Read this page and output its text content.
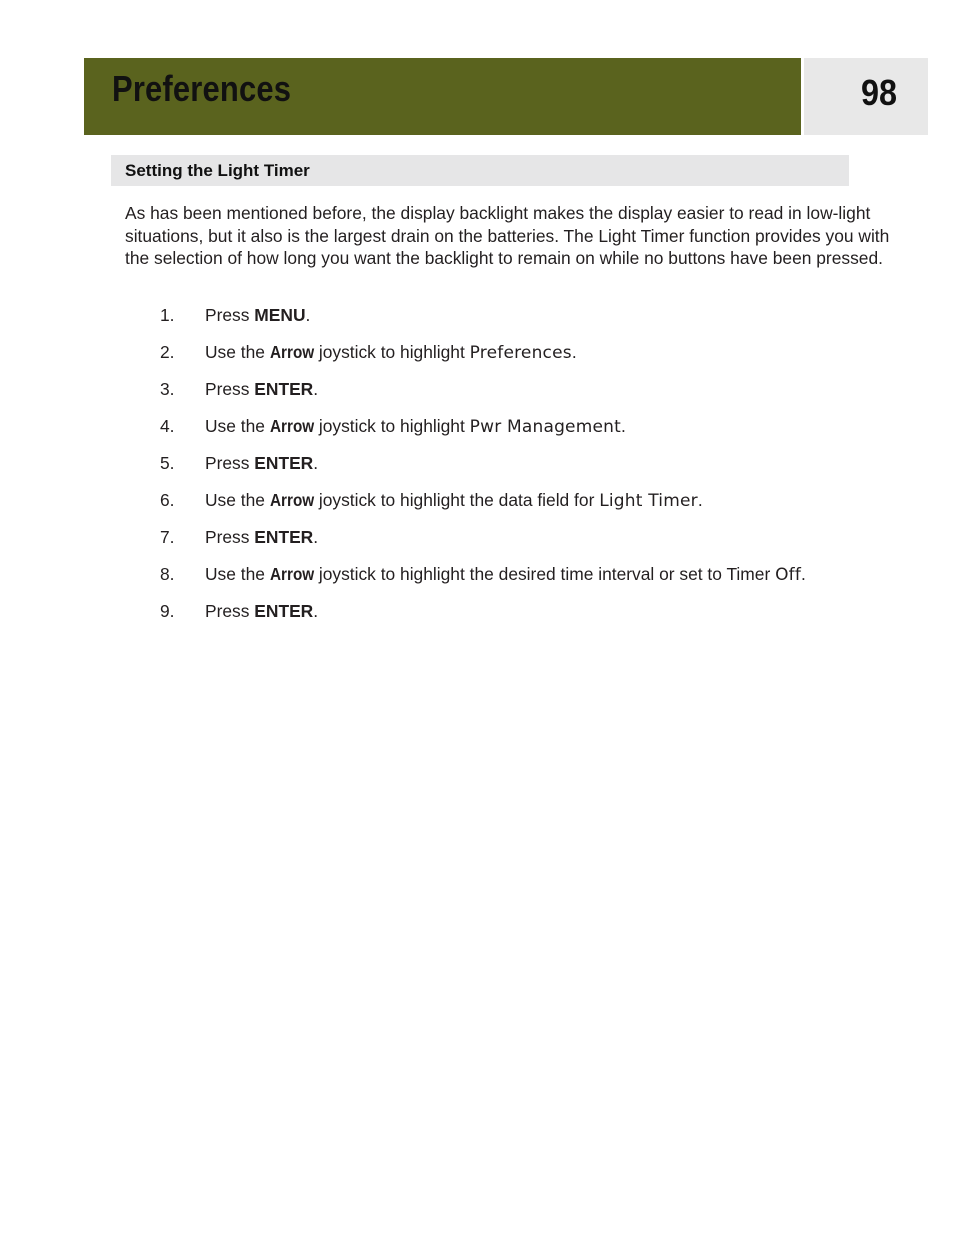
Preferences	98
Setting the Light Timer

As has been mentioned before, the display backlight makes the display easier to read in low-light situations, but it also is the largest drain on the batteries. The Light Timer function provides you with the selection of how long you want the backlight to remain on while no buttons have been pressed.

1. Press MENU.
2. Use the Arrow joystick to highlight Preferences.
3. Press ENTER.
4. Use the Arrow joystick to highlight Pwr Management.
5. Press ENTER.
6. Use the Arrow joystick to highlight the data field for Light Timer.
7. Press ENTER.
8. Use the Arrow joystick to highlight the desired time interval or set to Timer Off.
9. Press ENTER.
